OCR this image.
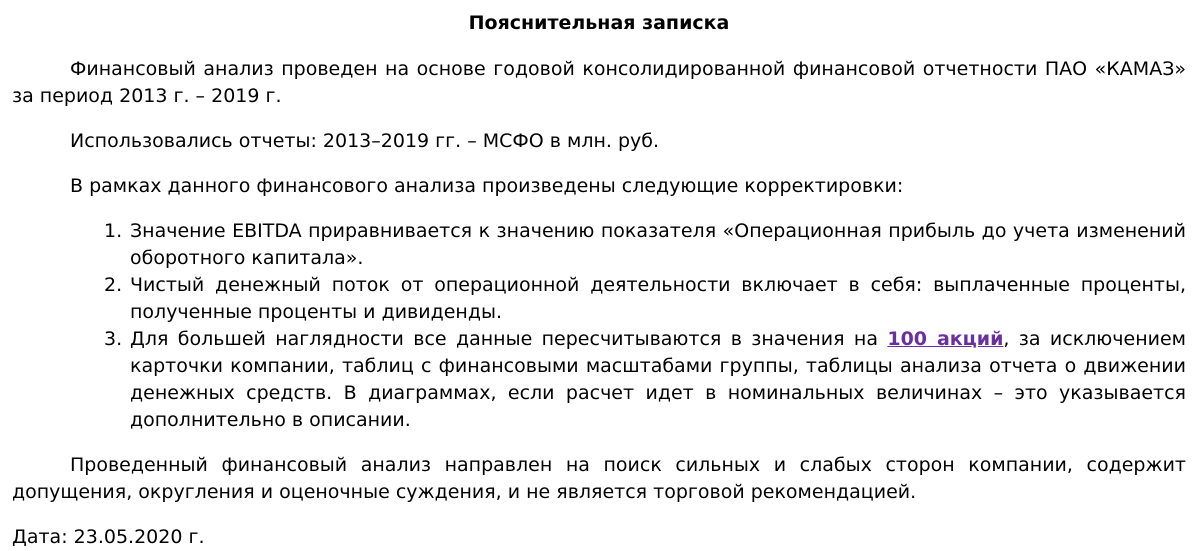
Пояснительная записка

Финансовый анализ проведен на основе годовой консолидированной финансовой отчетности ПАО «КАМАЗ» за период 2013 г. – 2019 г.

Использовались отчеты: 2013–2019 гг. – МСФО в млн. руб.

В рамках данного финансового анализа произведены следующие корректировки:

1. Значение EBITDA приравнивается к значению показателя «Операционная прибыль до учета изменений оборотного капитала».
2. Чистый денежный поток от операционной деятельности включает в себя: выплаченные проценты, полученные проценты и дивиденды.
3. Для большей наглядности все данные пересчитываются в значения на 100 акций, за исключением карточки компании, таблиц с финансовыми масштабами группы, таблицы анализа отчета о движении денежных средств. В диаграммах, если расчет идет в номинальных величинах – это указывается дополнительно в описании.

Проведенный финансовый анализ направлен на поиск сильных и слабых сторон компании, содержит допущения, округления и оценочные суждения, и не является торговой рекомендацией.

Дата: 23.05.2020 г.
